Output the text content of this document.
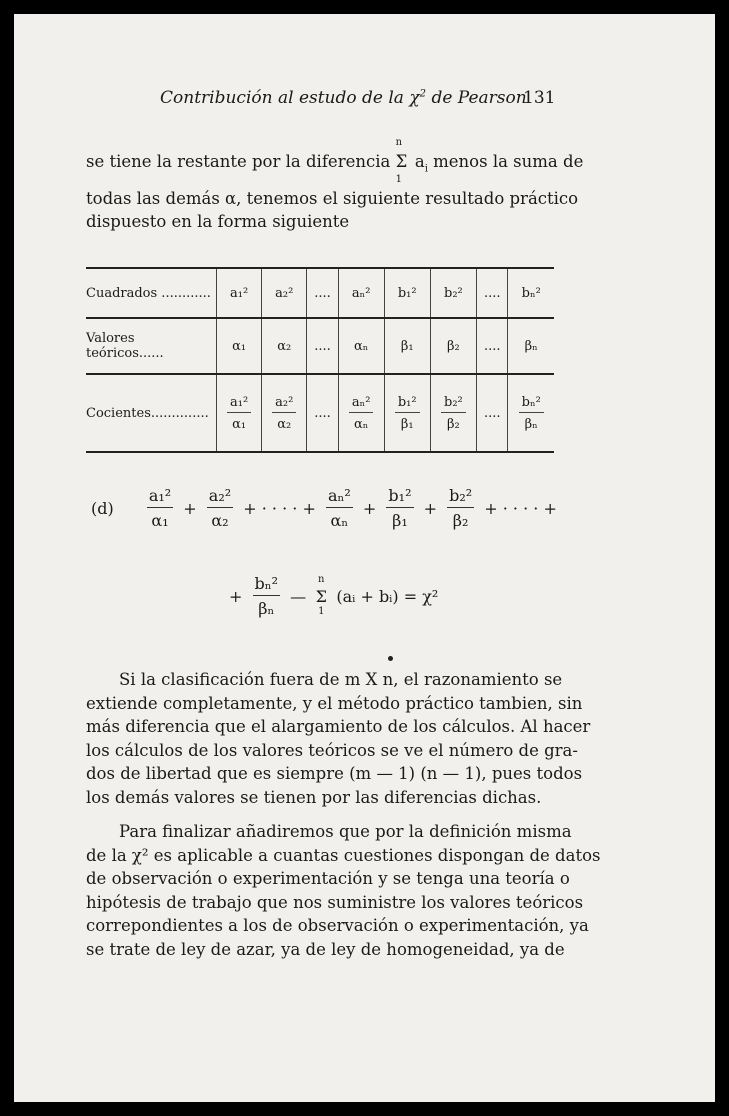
Contribución al estudo de la $\chi^2$ de Pearson
131
se tiene la restante por la diferencia
n
Σ
1
$a_i$ menos la suma de
todas las demás α, tenemos el siguiente resultado práctico
dispuesto en la forma siguiente
Cuadrados ............	a₁²	a₂²	....	aₙ²	b₁²	b₂²	....	bₙ²
Valores teóricos......	α₁	α₂	....	αₙ	β₁	β₂	....	βₙ
Cocientes..............	$\frac{\text{a₁²}}{\text{α₁}}$	$\frac{\text{a₂²}}{\text{α₂}}$	....	$\frac{\text{aₙ²}}{\text{αₙ}}$	$\frac{\text{b₁²}}{\text{β₁}}$	$\frac{\text{b₂²}}{\text{β₂}}$	....	$\frac{\text{bₙ²}}{\text{βₙ}}$
$(d) \frac{\text{a₁²}}{\text{α₁}} + \frac{\text{a₂²}}{\text{α₂}}$ + · · · · + $\frac{\text{aₙ²}}{\text{αₙ}} + \frac{\text{b₁²}}{\text{β₁}} + \frac{\text{b₂²}}{\text{β₂}}$ + · · · · +
+ $\frac{\text{bₙ²}}{\text{βₙ}}$ —
n
Σ
1
(aᵢ + bᵢ) = χ²
Si la clasificación fuera de m X n, el razonamiento se
extiende completamente, y el método práctico tambien, sin
más diferencia que el alargamiento de los cálculos. Al hacer
los cálculos de los valores teóricos se ve el número de gra-
dos de libertad que es siempre (m — 1) (n — 1), pues todos
los demás valores se tienen por las diferencias dichas.
Para finalizar añadiremos que por la definición misma
de la χ² es aplicable a cuantas cuestiones dispongan de datos
de observación o experimentación y se tenga una teoría o
hipótesis de trabajo que nos suministre los valores teóricos
correpondientes a los de observación o experimentación, ya
se trate de ley de azar, ya de ley de homogeneidad, ya de
